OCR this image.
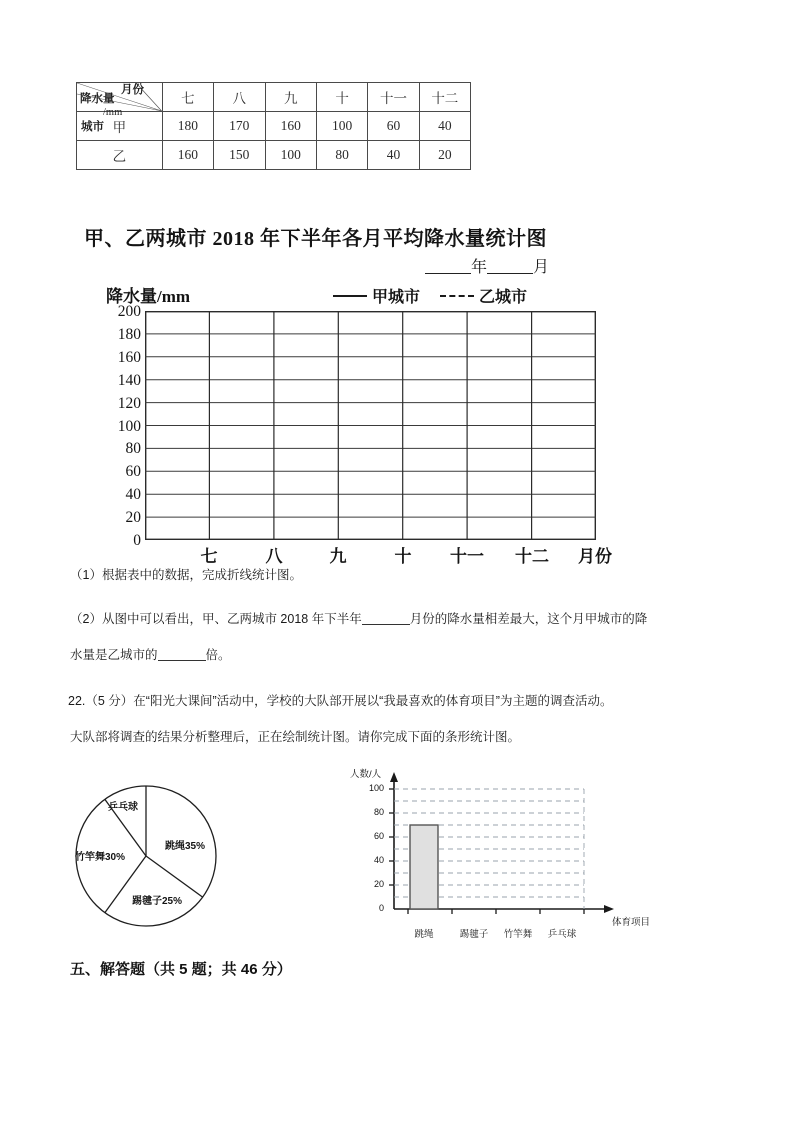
降水量
/mm
月份
城市	七	八	九	十	十一	十二
甲	180	170	160	100	60	40
乙	160	150	100	80	40	20
甲、乙两城市 2018 年下半年各月平均降水量统计图
年	月
降水量/mm	甲城市	乙城市
200
180
160
140
120
100
80
60
40
20
0
七	八	九	十 十一 十二 月份
（1）根据表中的数据，完成折线统计图。
（2）从图中可以看出，甲、乙两城市 2018 年下半年	月份的降水量相差最大，这个月甲城市的降
水量是乙城市的	倍。
22.（5 分）在“阳光大课间”活动中，学校的大队部开展以“我最喜欢的体育项目”为主题的调查活动。
大队部将调查的结果分析整理后，正在绘制统计图。请你完成下面的条形统计图。
跳绳35%
踢毽子25%
竹竿舞30%
乒乓球
人数/人
体育项目
0
20
40
60
80
100
跳绳	踢毽子 竹竿舞 乒乓球
五、解答题（共 5 题；共 46 分）
